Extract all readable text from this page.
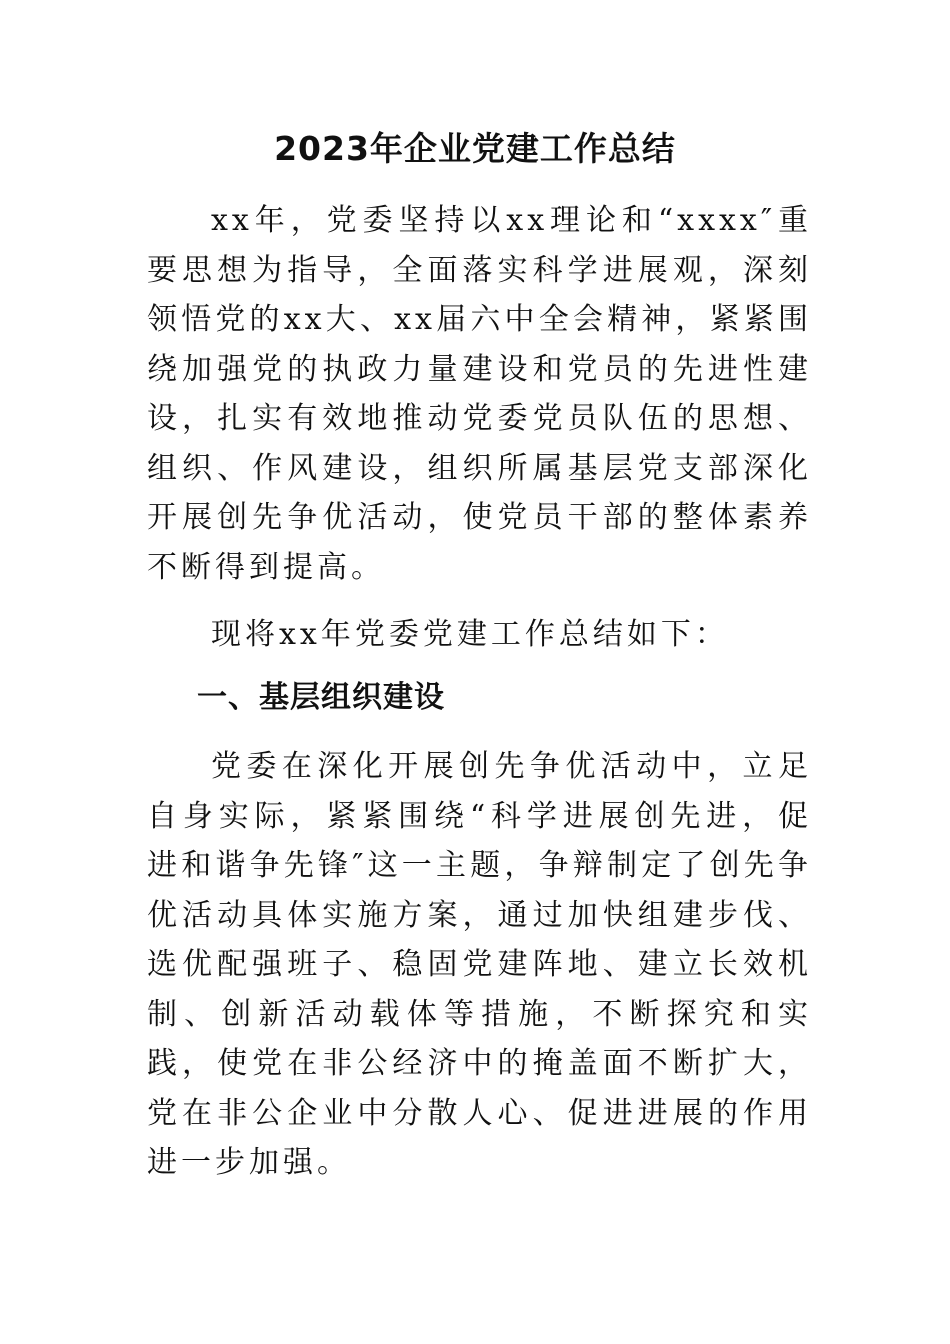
2023年企业党建工作总结

xx年，党委坚持以xx理论和“xxxx″重要思想为指导，全面落实科学进展观，深刻领悟党的xx大、xx届六中全会精神，紧紧围绕加强党的执政力量建设和党员的先进性建设，扎实有效地推动党委党员队伍的思想、组织、作风建设，组织所属基层党支部深化开展创先争优活动，使党员干部的整体素养不断得到提高。

现将xx年党委党建工作总结如下：

一、基层组织建设

党委在深化开展创先争优活动中，立足自身实际，紧紧围绕“科学进展创先进，促进和谐争先锋″这一主题，争辩制定了创先争优活动具体实施方案，通过加快组建步伐、选优配强班子、稳固党建阵地、建立长效机制、创新活动载体等措施，不断探究和实践，使党在非公经济中的掩盖面不断扩大，党在非公企业中分散人心、促进进展的作用进一步加强。
